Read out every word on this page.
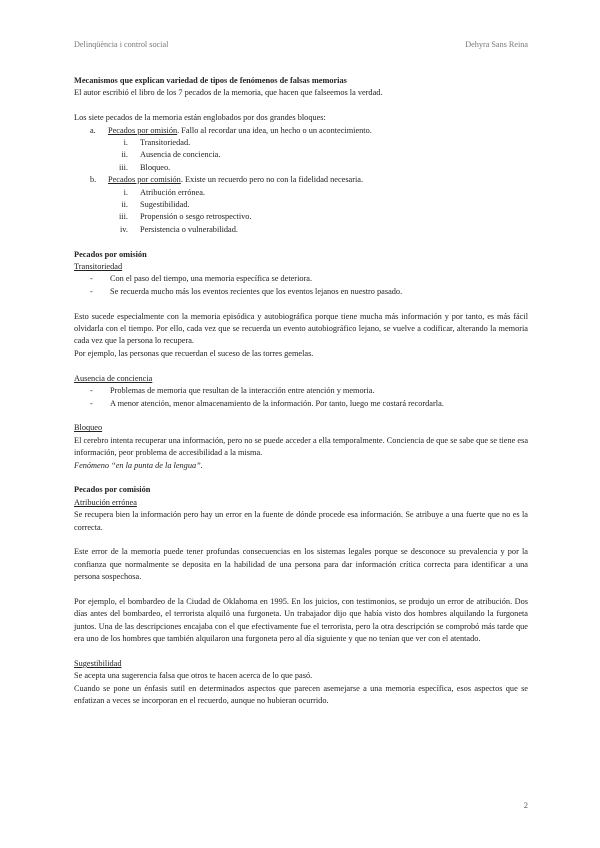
Delinqüència i control social	Dehyra Sans Reina

Mecanismos que explican variedad de tipos de fenómenos de falsas memorias

El autor escribió el libro de los 7 pecados de la memoria, que hacen que falseemos la verdad.

Los siete pecados de la memoria están englobados por dos grandes bloques:

a.	Pecados por omisión. Fallo al recordar una idea, un hecho o un acontecimiento.
i.	Transitoriedad.
ii.	Ausencia de conciencia.
iii.	Bloqueo.
b.	Pecados por comisión. Existe un recuerdo pero no con la fidelidad necesaria.
i.	Atribución errónea.
ii.	Sugestibilidad.
iii.	Propensión o sesgo retrospectivo.
iv.	Persistencia o vulnerabilidad.

Pecados por omisión

Transitoriedad

-	Con el paso del tiempo, una memoria específica se deteriora.
-	Se recuerda mucho más los eventos recientes que los eventos lejanos en nuestro pasado.

Esto sucede especialmente con la memoria episódica y autobiográfica porque tiene mucha más información y por tanto, es más fácil olvidarla con el tiempo. Por ello, cada vez que se recuerda un evento autobiográfico lejano, se vuelve a codificar, alterando la memoria cada vez que la persona lo recupera.

Por ejemplo, las personas que recuerdan el suceso de las torres gemelas.

Ausencia de conciencia

-	Problemas de memoria que resultan de la interacción entre atención y memoria.
-	A menor atención, menor almacenamiento de la información. Por tanto, luego me costará recordarla.

Bloqueo

El cerebro intenta recuperar una información, pero no se puede acceder a ella temporalmente. Conciencia de que se sabe que se tiene esa información, peor problema de accesibilidad a la misma.

Fenómeno “en la punta de la lengua”.

Pecados por comisión

Atribución errónea

Se recupera bien la información pero hay un error en la fuente de dónde procede esa información. Se atribuye a una fuerte que no es la correcta.

Este error de la memoria puede tener profundas consecuencias en los sistemas legales porque se desconoce su prevalencia y por la confianza que normalmente se deposita en la habilidad de una persona para dar información crítica correcta para identificar a una persona sospechosa.

Por ejemplo, el bombardeo de la Ciudad de Oklahoma en 1995. En los juicios, con testimonios, se produjo un error de atribución. Dos días antes del bombardeo, el terrorista alquiló una furgoneta. Un trabajador dijo que había visto dos hombres alquilando la furgoneta juntos. Una de las descripciones encajaba con el que efectivamente fue el terrorista, pero la otra descripción se comprobó más tarde que era uno de los hombres que también alquilaron una furgoneta pero al día siguiente y que no tenían que ver con el atentado.

Sugestibilidad

Se acepta una sugerencia falsa que otros te hacen acerca de lo que pasó.

Cuando se pone un énfasis sutil en determinados aspectos que parecen asemejarse a una memoria específica, esos aspectos que se enfatizan a veces se incorporan en el recuerdo, aunque no hubieran ocurrido.

2
